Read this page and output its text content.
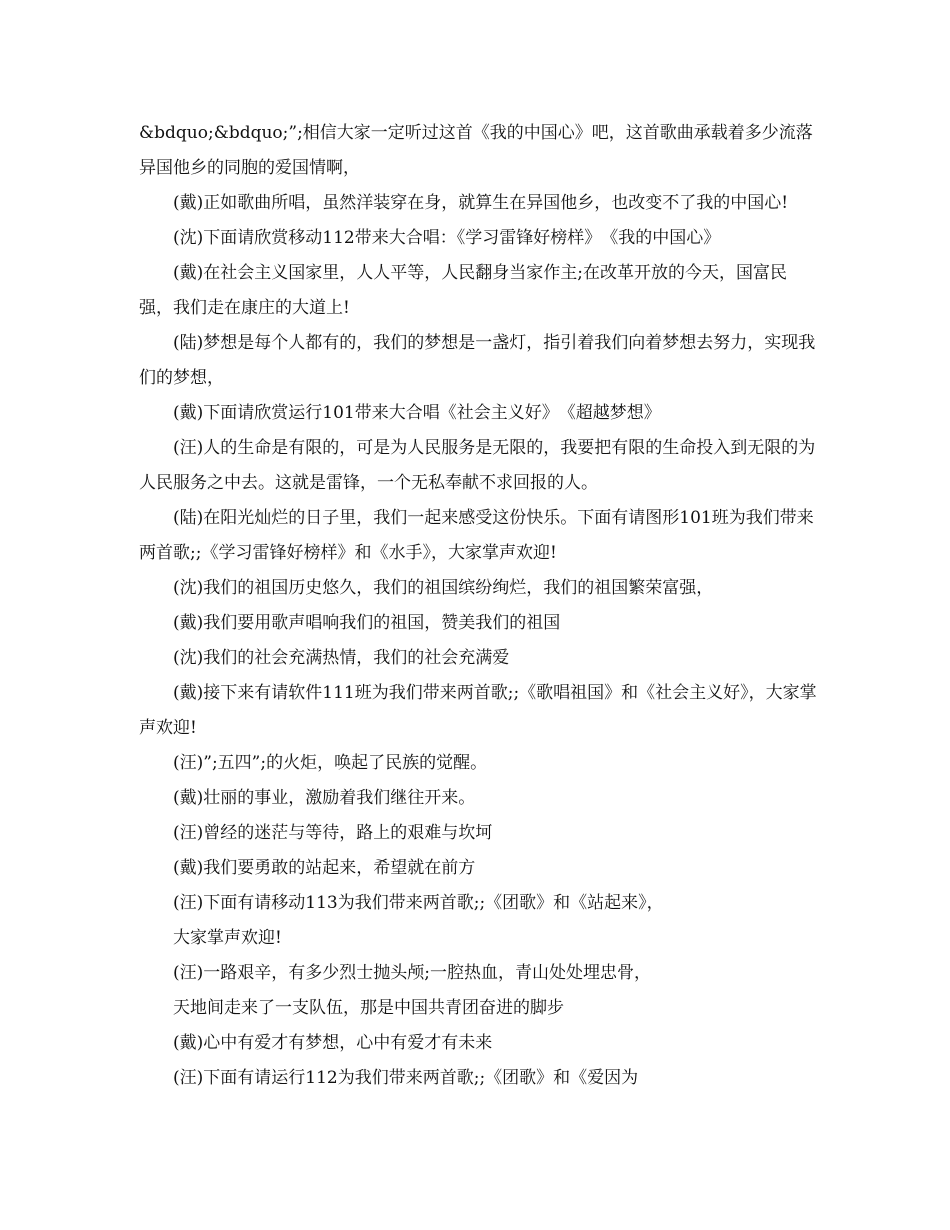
&bdquo;&bdquo;”;相信大家一定听过这首《我的中国心》吧，这首歌曲承载着多少流落异国他乡的同胞的爱国情啊，

(戴)正如歌曲所唱，虽然洋装穿在身，就算生在异国他乡，也改变不了我的中国心!

(沈)下面请欣赏移动112带来大合唱：《学习雷锋好榜样》　《我的中国心》

(戴)在社会主义国家里，人人平等，人民翻身当家作主;在改革开放的今天，国富民强，我们走在康庄的大道上!

(陆)梦想是每个人都有的，我们的梦想是一盏灯，指引着我们向着梦想去努力，实现我们的梦想，

(戴)下面请欣赏运行101带来大合唱《社会主义好》　《超越梦想》

(汪)人的生命是有限的，可是为人民服务是无限的，我要把有限的生命投入到无限的为人民服务之中去。这就是雷锋，一个无私奉献不求回报的人。

(陆)在阳光灿烂的日子里，我们一起来感受这份快乐。下面有请图形101班为我们带来两首歌;;《学习雷锋好榜样》和《水手》，大家掌声欢迎!

(沈)我们的祖国历史悠久，我们的祖国缤纷绚烂，我们的祖国繁荣富强，

(戴)我们要用歌声唱响我们的祖国，赞美我们的祖国

(沈)我们的社会充满热情，我们的社会充满爱

(戴)接下来有请软件111班为我们带来两首歌;;《歌唱祖国》和《社会主义好》，大家掌声欢迎!

(汪)”;五四”;的火炬，唤起了民族的觉醒。

(戴)壮丽的事业，激励着我们继往开来。

(汪)曾经的迷茫与等待，路上的艰难与坎坷

(戴)我们要勇敢的站起来，希望就在前方

(汪)下面有请移动113为我们带来两首歌;;《团歌》和《站起来》，

大家掌声欢迎!

(汪)一路艰辛，有多少烈士抛头颅;一腔热血，青山处处埋忠骨，

天地间走来了一支队伍，那是中国共青团奋进的脚步

(戴)心中有爱才有梦想，心中有爱才有未来

(汪)下面有请运行112为我们带来两首歌;;《团歌》和《爱因为
